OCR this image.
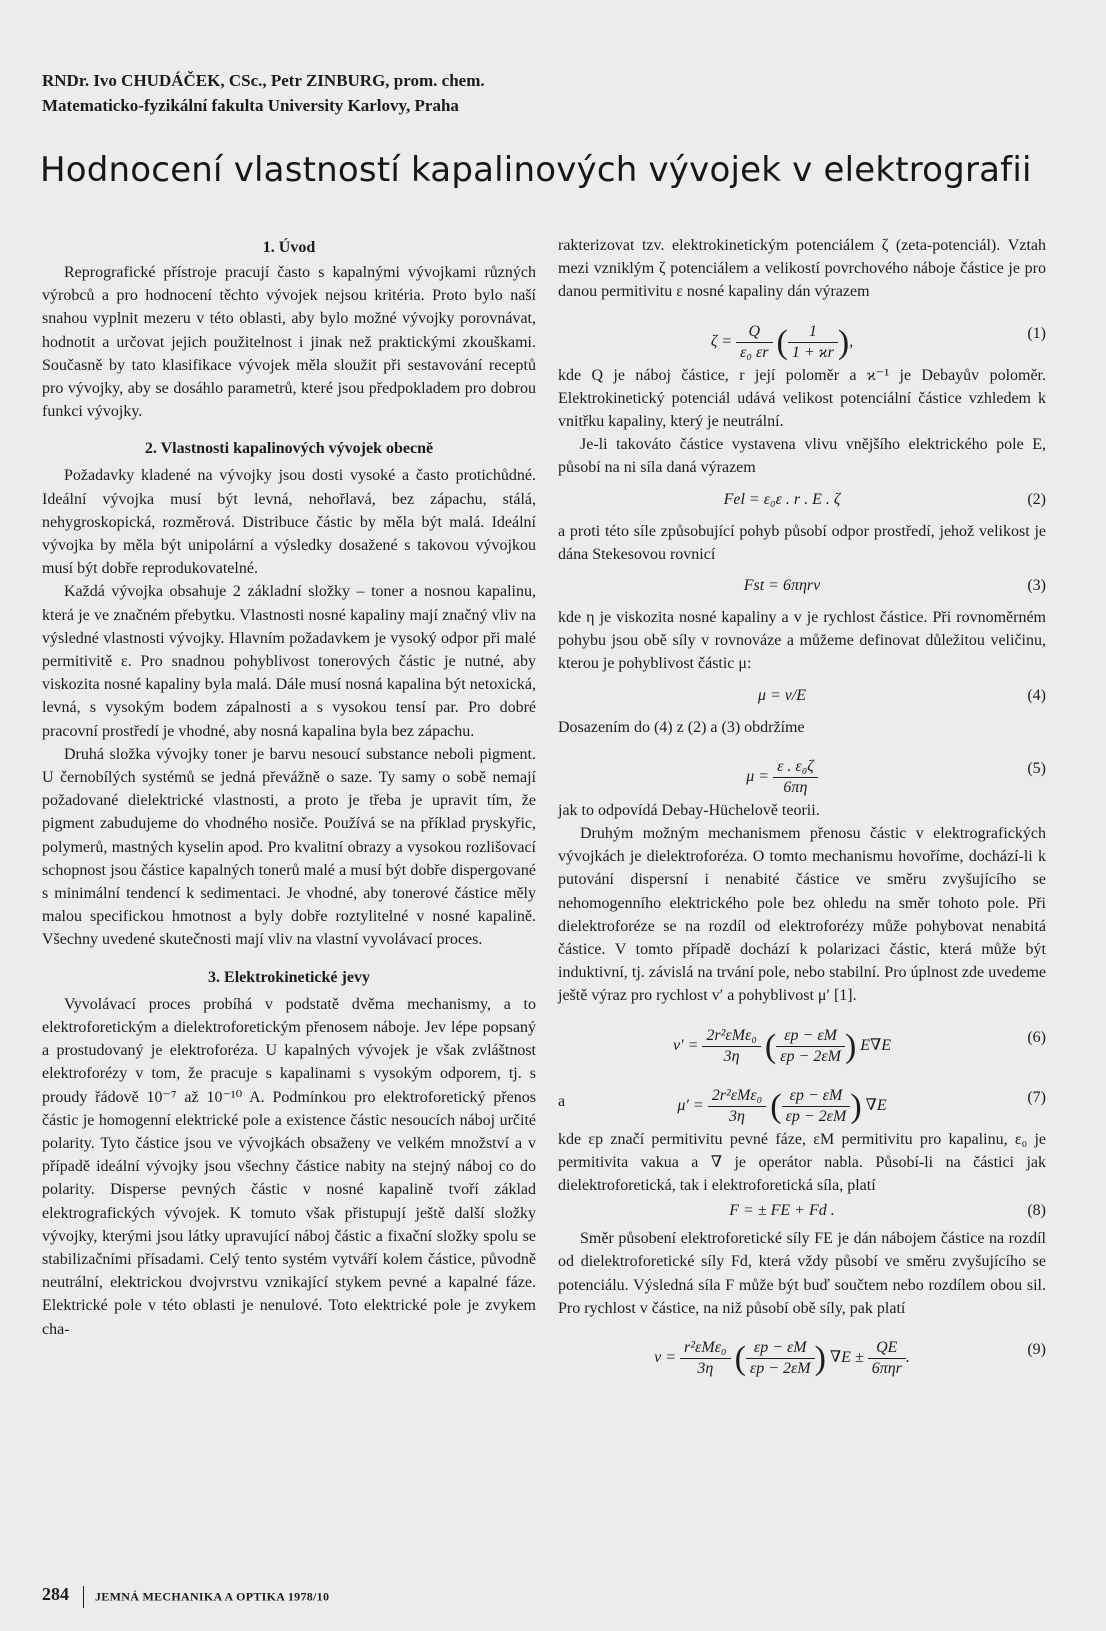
RNDr. Ivo CHUDÁČEK, CSc., Petr ZINBURG, prom. chem.
Matematicko-fyzikální fakulta University Karlovy, Praha
Hodnocení vlastností kapalinových vývojek v elektrografii
1. Úvod

Reprografické přístroje pracují často s kapalnými vývojkami různých výrobců a pro hodnocení těchto vývojek nejsou kritéria. Proto bylo naší snahou vyplnit mezeru v této oblasti, aby bylo možné vývojky porovnávat, hodnotit a určovat jejich použitelnost i jinak než praktickými zkouškami. Současně by tato klasifikace vývojek měla sloužit při sestavování receptů pro vývojky, aby se dosáhlo parametrů, které jsou předpokladem pro dobrou funkci vývojky.

2. Vlastnosti kapalinových vývojek obecně

Požadavky kladené na vývojky jsou dosti vysoké a často protichůdné. Ideální vývojka musí být levná, nehořlavá, bez zápachu, stálá, nehygroskopická, rozměrová. Distribuce částic by měla být malá. Ideální vývojka by měla být unipolární a výsledky dosažené s takovou vývojkou musí být dobře reprodukovatelné.

Každá vývojka obsahuje 2 základní složky – toner a nosnou kapalinu, která je ve značném přebytku. Vlastnosti nosné kapaliny mají značný vliv na výsledné vlastnosti vývojky. Hlavním požadavkem je vysoký odpor při malé permitivitě ε. Pro snadnou pohyblivost tonerových částic je nutné, aby viskozita nosné kapaliny byla malá. Dále musí nosná kapalina být netoxická, levná, s vysokým bodem zápalnosti a s vysokou tensí par. Pro dobré pracovní prostředí je vhodné, aby nosná kapalina byla bez zápachu.

Druhá složka vývojky toner je barvu nesoucí substance neboli pigment. U černobílých systémů se jedná převážně o saze. Ty samy o sobě nemají požadované dielektrické vlastnosti, a proto je třeba je upravit tím, že pigment zabudujeme do vhodného nosiče. Používá se na příklad pryskyřic, polymerů, mastných kyselin apod. Pro kvalitní obrazy a vysokou rozlišovací schopnost jsou částice kapalných tonerů malé a musí být dobře dispergované s minimální tendencí k sedimentaci. Je vhodné, aby tonerové částice měly malou specifickou hmotnost a byly dobře roztylitelné v nosné kapalině. Všechny uvedené skutečnosti mají vliv na vlastní vyvolávací proces.

3. Elektrokinetické jevy

Vyvolávací proces probíhá v podstatě dvěma mechanismy, a to elektroforetickým a dielektroforetickým přenosem náboje. Jev lépe popsaný a prostudovaný je elektroforéza. U kapalných vývojek je však zvláštnost elektroforézy v tom, že pracuje s kapalinami s vysokým odporem, tj. s proudy řádově 10⁻⁷ až 10⁻¹⁰ A. Podmínkou pro elektroforetický přenos částic je homogenní elektrické pole a existence částic nesoucích náboj určité polarity. Tyto částice jsou ve vývojkách obsaženy ve velkém množství a v případě ideální vývojky jsou všechny částice nabity na stejný náboj co do polarity. Disperse pevných částic v nosné kapalině tvoří základ elektrografických vývojek. K tomuto však přistupují ještě další složky vývojky, kterými jsou látky upravující náboj částic a fixační složky spolu se stabilizačními přísadami. Celý tento systém vytváří kolem částice, původně neutrální, elektrickou dvojvrstvu vznikající stykem pevné a kapalné fáze. Elektrické pole v této oblasti je nenulové. Toto elektrické pole je zvykem cha-

rakterizovat tzv. elektrokinetickým potenciálem ζ (zeta-potenciál). Vztah mezi vzniklým ζ potenciálem a velikostí povrchového náboje částice je pro danou permitivitu ε nosné kapaliny dán výrazem

$\zeta = \frac{Q}{\text{ε₀ εr}}$ ( $\frac{1}{1 + ϰr}$ ),	(1)

kde Q je náboj částice, r její poloměr a ϰ⁻¹ je Debayův poloměr. Elektrokinetický potenciál udává velikost potenciální částice vzhledem k vnitřku kapaliny, který je neutrální.

Je-li takováto částice vystavena vlivu vnějšího elektrického pole E, působí na ni síla daná výrazem

Fel = ε₀ε . r . E . ζ	(2)

a proti této síle způsobující pohyb působí odpor prostředí, jehož velikost je dána Stekesovou rovnicí

Fst = 6πηrv	(3)

kde η je viskozita nosné kapaliny a v je rychlost částice. Při rovnoměrném pohybu jsou obě síly v rovnováze a můžeme definovat důležitou veličinu, kterou je pohyblivost částic μ:

μ = v/E	(4)

Dosazením do (4) z (2) a (3) obdržíme

$\mu = \frac{\text{ε . ε₀ζ}}{6\pi\eta}$	(5)

jak to odpovídá Debay-Hüchelově teorii.

Druhým možným mechanismem přenosu částic v elektrografických vývojkách je dielektroforéza. O tomto mechanismu hovoříme, dochází-li k putování dispersní i nenabité částice ve směru zvyšujícího se nehomogenního elektrického pole bez ohledu na směr tohoto pole. Při dielektroforéze se na rozdíl od elektroforézy může pohybovat nenabitá částice. V tomto případě dochází k polarizaci částic, která může být induktivní, tj. závislá na trvání pole, nebo stabilní. Pro úplnost zde uvedeme ještě výraz pro rychlost v′ a pohyblivost μ′ [1].

$v' = \frac{\text{2r²εMε₀}}{3\eta}$ ( $\frac{\varepsilon p - \varepsilon M}{\varepsilon p - 2\varepsilon M}$ ) E∇E	(6)
a	$\mu' = \frac{\text{2r²εMε₀}}{3\eta}$ ( $\frac{\varepsilon p - \varepsilon M}{\varepsilon p - 2\varepsilon M}$ ) ∇E	(7)

kde εp značí permitivitu pevné fáze, εM permitivitu pro kapalinu, ε₀ je permitivita vakua a ∇ je operátor nabla. Působí-li na částici jak dielektroforetická, tak i elektroforetická síla, platí

F = ± FE + Fd .	(8)

Směr působení elektroforetické síly FE je dán nábojem částice na rozdíl od dielektroforetické síly Fd, která vždy působí ve směru zvyšujícího se potenciálu. Výsledná síla F může být buď součtem nebo rozdílem obou sil. Pro rychlost v částice, na niž působí obě síly, pak platí

$v = \frac{\text{r²εMε₀}}{3\eta}$ ( $\frac{\varepsilon p - \varepsilon M}{\varepsilon p - 2\varepsilon M}$ ) $\nabla E \pm \frac{QE}{\text{6πηr}}$ .	(9)
284 JEMNÁ MECHANIKA A OPTIKA 1978/10
